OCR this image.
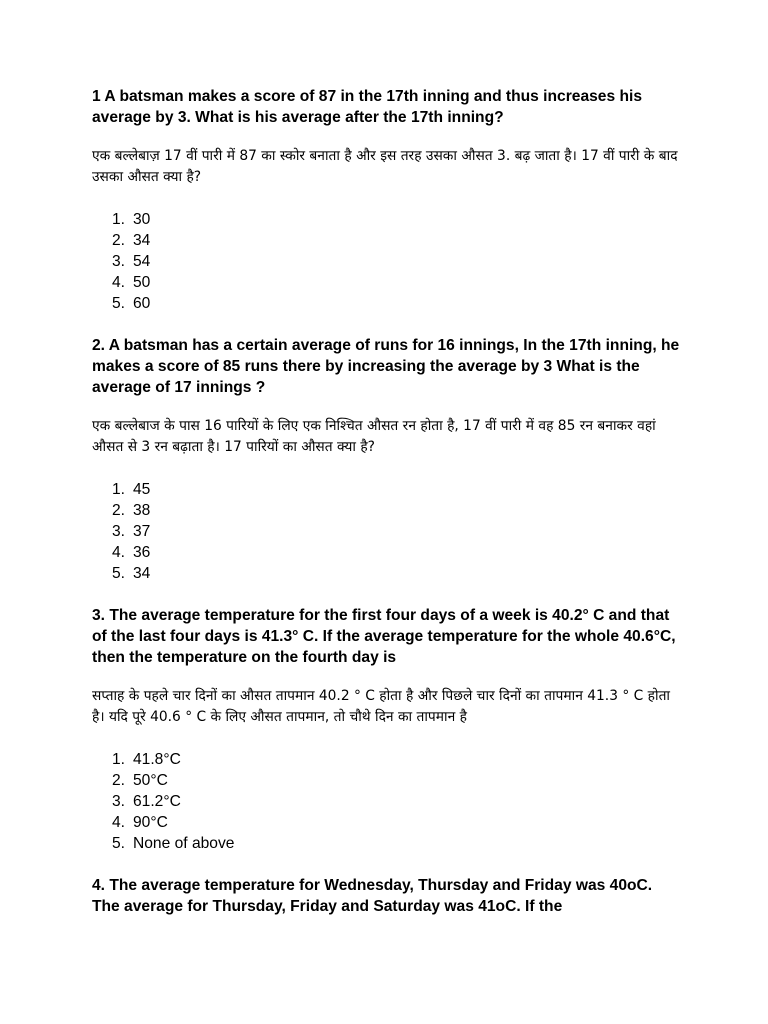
1 A batsman makes a score of 87 in the 17th inning and thus increases his average by 3. What is his average after the 17th inning?

एक बल्लेबाज़ 17 वीं पारी में 87 का स्कोर बनाता है और इस तरह उसका औसत 3. बढ़ जाता है। 17 वीं पारी के बाद उसका औसत क्या है?

1. 30
2. 34
3. 54
4. 50
5. 60

2. A batsman has a certain average of runs for 16 innings, In the 17th inning, he makes a score of 85 runs there by increasing the average by 3 What is the average of 17 innings ?

एक बल्लेबाज के पास 16 पारियों के लिए एक निश्चित औसत रन होता है, 17 वीं पारी में वह 85 रन बनाकर वहां औसत से 3 रन बढ़ाता है। 17 पारियों का औसत क्या है?

1. 45
2. 38
3. 37
4. 36
5. 34

3. The average temperature for the first four days of a week is 40.2° C and that of the last four days is 41.3° C. If the average temperature for the whole 40.6°C, then the temperature on the fourth day is

सप्ताह के पहले चार दिनों का औसत तापमान 40.2 ° C होता है और पिछले चार दिनों का तापमान 41.3 ° C होता है। यदि पूरे 40.6 ° C के लिए औसत तापमान, तो चौथे दिन का तापमान है

1. 41.8°C
2. 50°C
3. 61.2°C
4. 90°C
5. None of above

4. The average temperature for Wednesday, Thursday and Friday was 40oC. The average for Thursday, Friday and Saturday was 41oC. If the
